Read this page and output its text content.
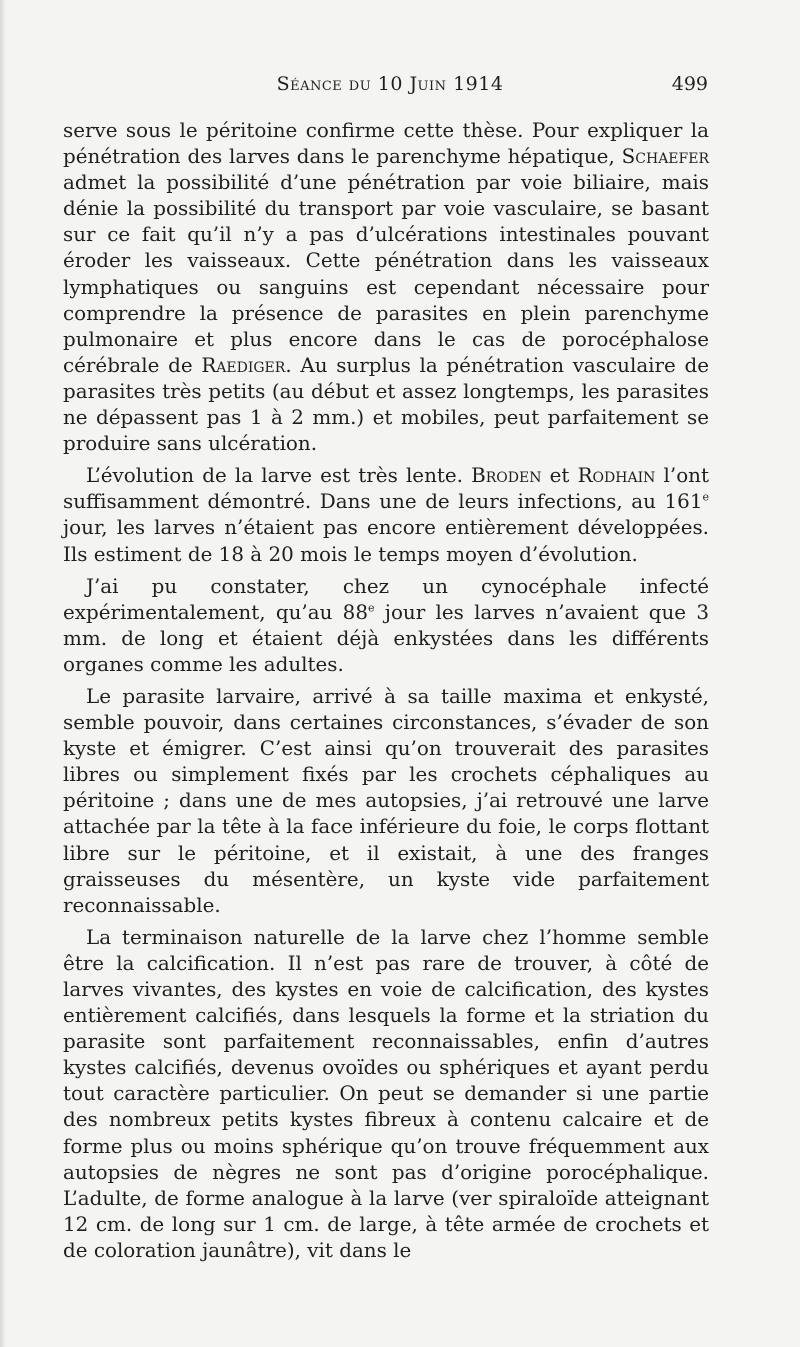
Séance du 10 Juin 1914	499

serve sous le péritoine confirme cette thèse. Pour expliquer la pénétration des larves dans le parenchyme hépatique, Schaefer admet la possibilité d’une pénétration par voie biliaire, mais dénie la possibilité du transport par voie vasculaire, se basant sur ce fait qu’il n’y a pas d’ulcérations intestinales pouvant éroder les vaisseaux. Cette pénétration dans les vaisseaux lymphatiques ou sanguins est cependant nécessaire pour comprendre la présence de parasites en plein parenchyme pulmonaire et plus encore dans le cas de porocéphalose cérébrale de Raediger. Au surplus la pénétration vasculaire de parasites très petits (au début et assez longtemps, les parasites ne dépassent pas 1 à 2 mm.) et mobiles, peut parfaitement se produire sans ulcération.

L’évolution de la larve est très lente. Broden et Rodhain l’ont suffisamment démontré. Dans une de leurs infections, au 161e jour, les larves n’étaient pas encore entièrement développées. Ils estiment de 18 à 20 mois le temps moyen d’évolution.

J’ai pu constater, chez un cynocéphale infecté expérimentalement, qu’au 88e jour les larves n’avaient que 3 mm. de long et étaient déjà enkystées dans les différents organes comme les adultes.

Le parasite larvaire, arrivé à sa taille maxima et enkysté, semble pouvoir, dans certaines circonstances, s’évader de son kyste et émigrer. C’est ainsi qu’on trouverait des parasites libres ou simplement fixés par les crochets céphaliques au péritoine ; dans une de mes autopsies, j’ai retrouvé une larve attachée par la tête à la face inférieure du foie, le corps flottant libre sur le péritoine, et il existait, à une des franges graisseuses du mésentère, un kyste vide parfaitement reconnaissable.

La terminaison naturelle de la larve chez l’homme semble être la calcification. Il n’est pas rare de trouver, à côté de larves vivantes, des kystes en voie de calcification, des kystes entièrement calcifiés, dans lesquels la forme et la striation du parasite sont parfaitement reconnaissables, enfin d’autres kystes calcifiés, devenus ovoïdes ou sphériques et ayant perdu tout caractère particulier. On peut se demander si une partie des nombreux petits kystes fibreux à contenu calcaire et de forme plus ou moins sphérique qu’on trouve fréquemment aux autopsies de nègres ne sont pas d’origine porocéphalique. L’adulte, de forme analogue à la larve (ver spiraloïde atteignant 12 cm. de long sur 1 cm. de large, à tête armée de crochets et de coloration jaunâtre), vit dans le
